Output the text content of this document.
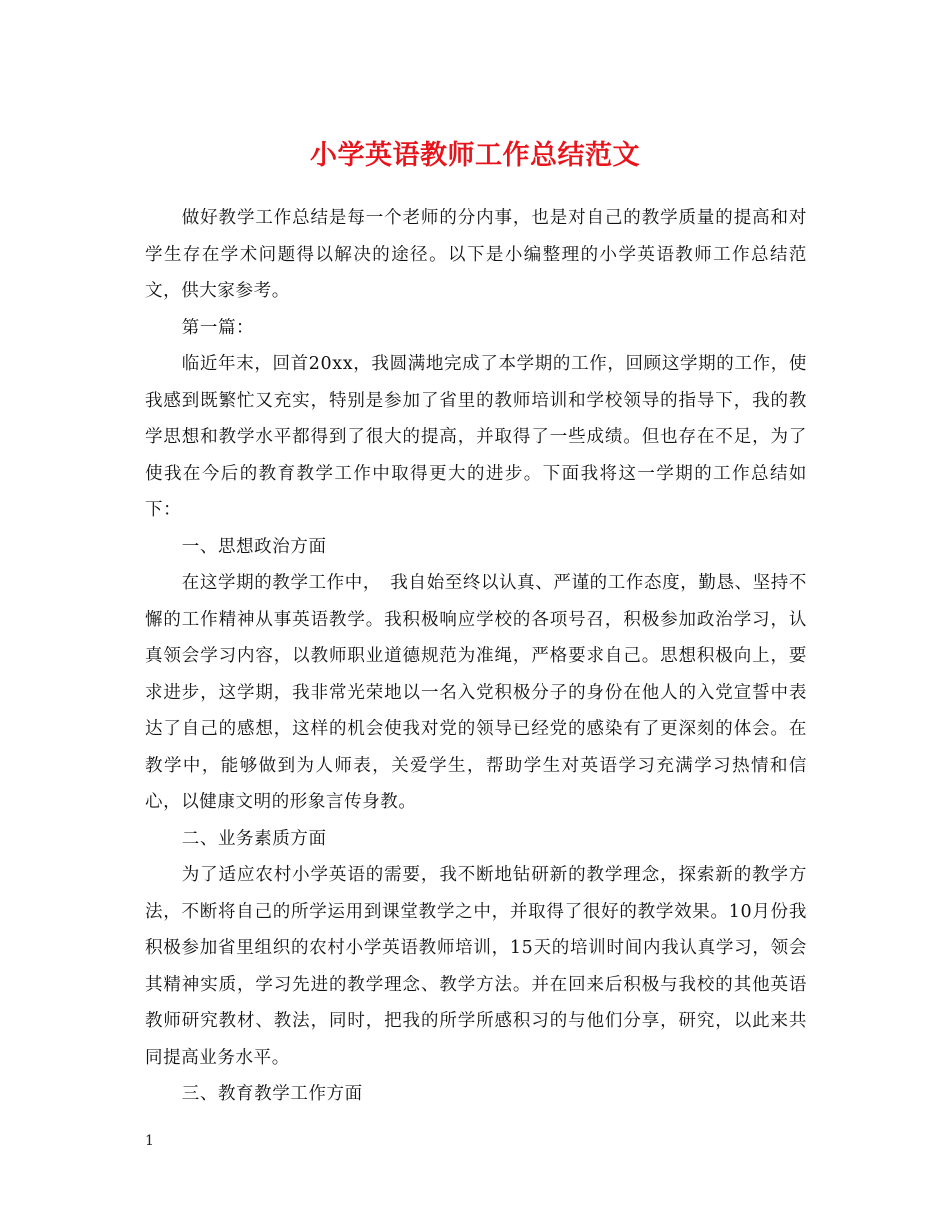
小学英语教师工作总结范文

做好教学工作总结是每一个老师的分内事，也是对自己的教学质量的提高和对学生存在学术问题得以解决的途径。以下是小编整理的小学英语教师工作总结范文，供大家参考。

第一篇：

临近年末，回首20xx，我圆满地完成了本学期的工作，回顾这学期的工作，使我感到既繁忙又充实，特别是参加了省里的教师培训和学校领导的指导下，我的教学思想和教学水平都得到了很大的提高，并取得了一些成绩。但也存在不足，为了使我在今后的教育教学工作中取得更大的进步。下面我将这一学期的工作总结如下：

一、思想政治方面

在这学期的教学工作中，　我自始至终以认真、严谨的工作态度，勤恳、坚持不懈的工作精神从事英语教学。我积极响应学校的各项号召，积极参加政治学习，认真领会学习内容，以教师职业道德规范为准绳，严格要求自己。思想积极向上，要求进步，这学期，我非常光荣地以一名入党积极分子的身份在他人的入党宣誓中表达了自己的感想，这样的机会使我对党的领导已经党的感染有了更深刻的体会。在教学中，能够做到为人师表，关爱学生，帮助学生对英语学习充满学习热情和信心，以健康文明的形象言传身教。

二、业务素质方面

为了适应农村小学英语的需要，我不断地钻研新的教学理念，探索新的教学方法，不断将自己的所学运用到课堂教学之中，并取得了很好的教学效果。10月份我积极参加省里组织的农村小学英语教师培训，15天的培训时间内我认真学习，领会其精神实质，学习先进的教学理念、教学方法。并在回来后积极与我校的其他英语教师研究教材、教法，同时，把我的所学所感积习的与他们分享，研究，以此来共同提高业务水平。

三、教育教学工作方面

1
